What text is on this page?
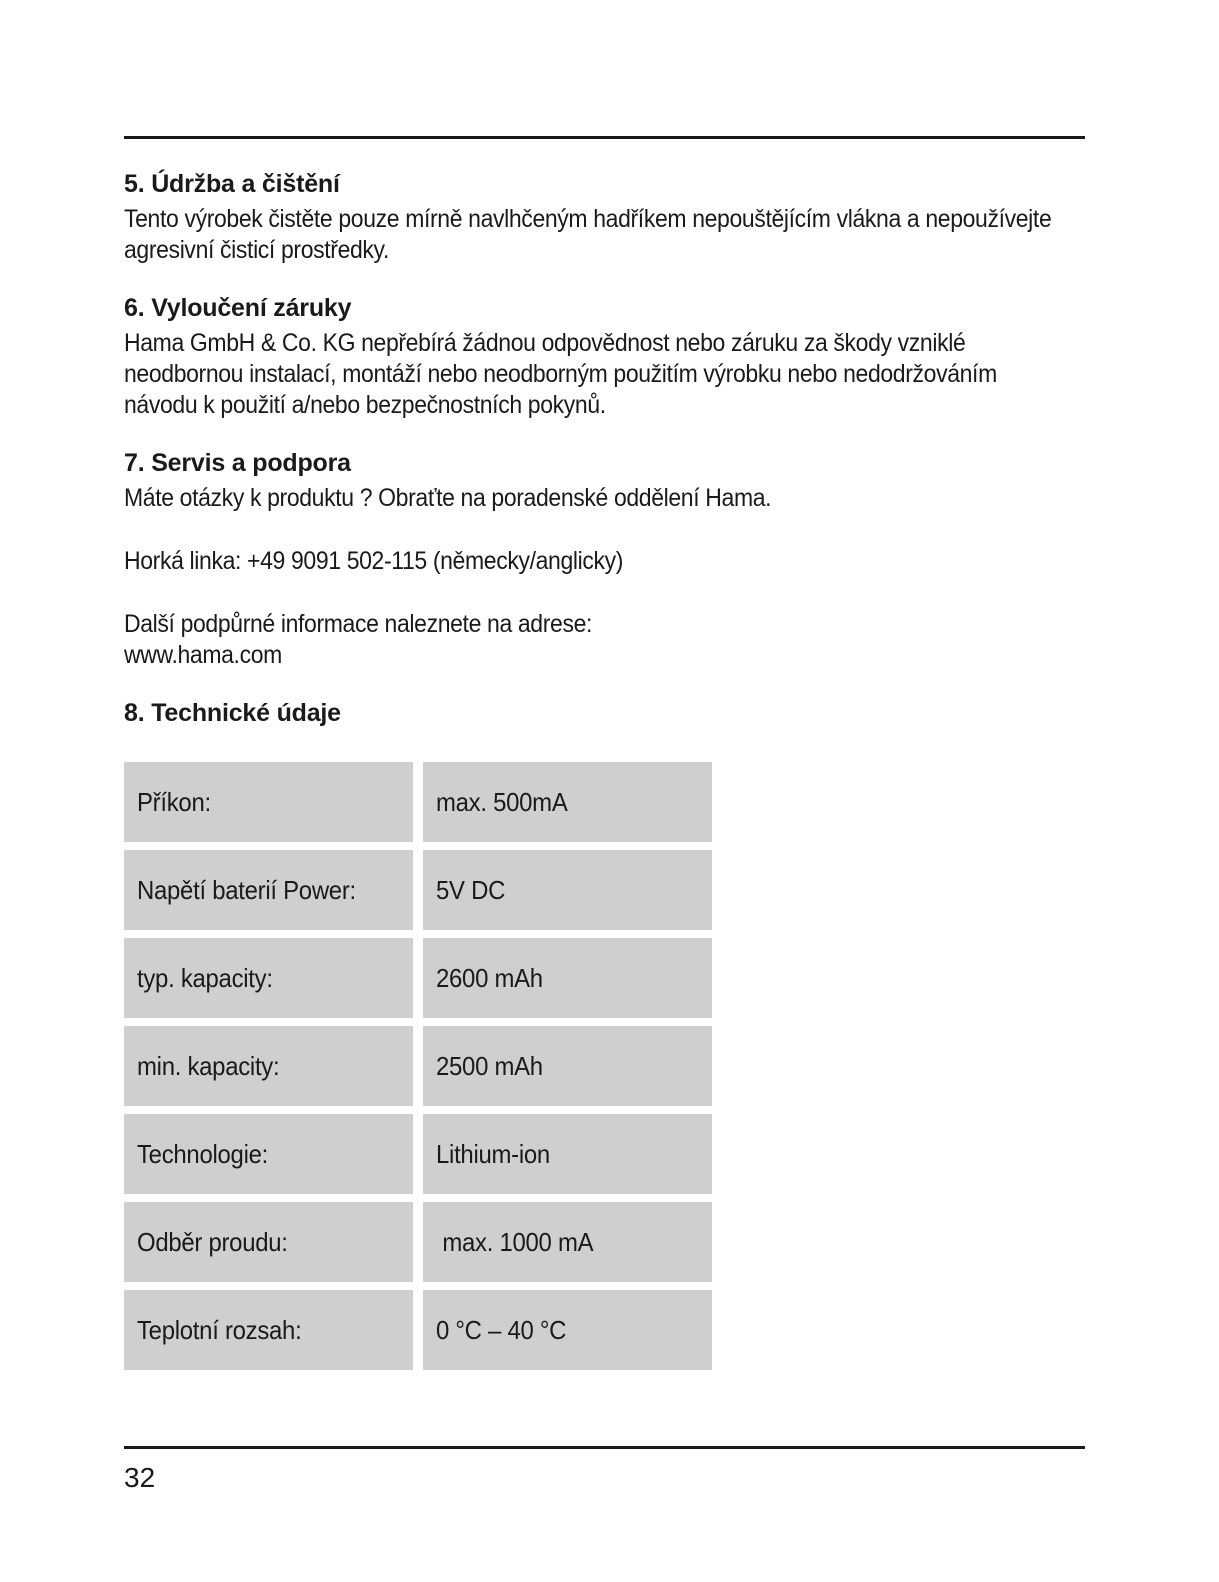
5. Údržba a čištění

Tento výrobek čistěte pouze mírně navlhčeným hadříkem nepouštějícím vlákna a nepoužívejte

agresivní čisticí prostředky.

6. Vyloučení záruky

Hama GmbH & Co. KG nepřebírá žádnou odpovědnost nebo záruku za škody vzniklé

neodbornou instalací, montáží nebo neodborným použitím výrobku nebo nedodržováním

návodu k použití a/nebo bezpečnostních pokynů.

7. Servis a podpora

Máte otázky k produktu ? Obraťte na poradenské oddělení Hama.

Horká linka: +49 9091 502-115 (německy/anglicky)

Další podpůrné informace naleznete na adrese:

www.hama.com

8. Technické údaje
Příkon:	max. 500mA
Napětí baterií Power:	5V DC
typ. kapacity:	2600 mAh
min. kapacity:	2500 mAh
Technologie:	Lithium-ion
Odběr proudu:	max. 1000 mA
Teplotní rozsah:	0 °C – 40 °C
32
